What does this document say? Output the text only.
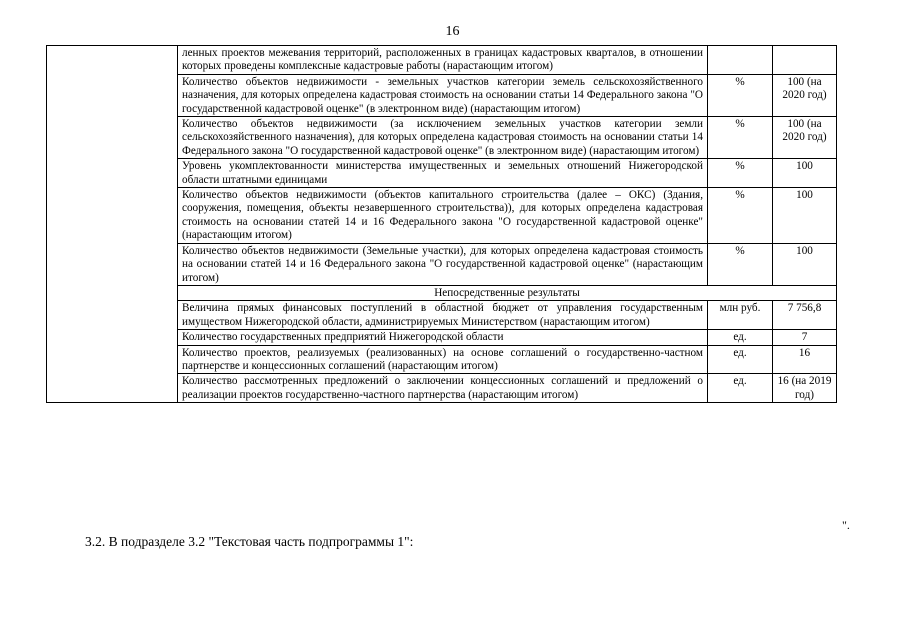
16
	ленных проектов межевания территорий, расположенных в границах кадастровых кварталов, в отношении которых проведены комплексные кадастровые работы (нарастающим итогом)		
	Количество объектов недвижимости - земельных участков категории земель сельскохозяйственного назначения, для которых определена кадастровая стоимость на основании статьи 14 Федерального закона "О государственной кадастровой оценке" (в электронном виде) (нарастающим итогом)	%	100 (на 2020 год)
	Количество объектов недвижимости (за исключением земельных участков категории земли сельскохозяйственного назначения), для которых определена кадастровая стоимость на основании статьи 14 Федерального закона "О государственной кадастровой оценке" (в электронном виде) (нарастающим итогом)	%	100 (на 2020 год)
	Уровень укомплектованности министерства имущественных и земельных отношений Нижегородской области штатными единицами	%	100
	Количество объектов недвижимости (объектов капитального строительства (далее – ОКС) (Здания, сооружения, помещения, объекты незавершенного строительства)), для которых определена кадастровая стоимость на основании статей 14 и 16 Федерального закона "О государственной кадастровой оценке" (нарастающим итогом)	%	100
	Количество объектов недвижимости (Земельные участки), для которых определена кадастровая стоимость на основании статей 14 и 16 Федерального закона "О государственной кадастровой оценке" (нарастающим итогом)	%	100
	Непосредственные результаты		
	Величина прямых финансовых поступлений в областной бюджет от управления государственным имуществом Нижегородской области, администрируемых Министерством (нарастающим итогом)	млн руб.	7 756,8
	Количество государственных предприятий Нижегородской области	ед.	7
	Количество проектов, реализуемых (реализованных) на основе соглашений о государственно-частном партнерстве и концессионных соглашений (нарастающим итогом)	ед.	16
	Количество рассмотренных предложений о заключении концессионных соглашений и предложений о реализации проектов государственно-частного партнерства (нарастающим итогом)	ед.	16 (на 2019 год)
".
3.2. В подразделе 3.2 "Текстовая часть подпрограммы 1":
